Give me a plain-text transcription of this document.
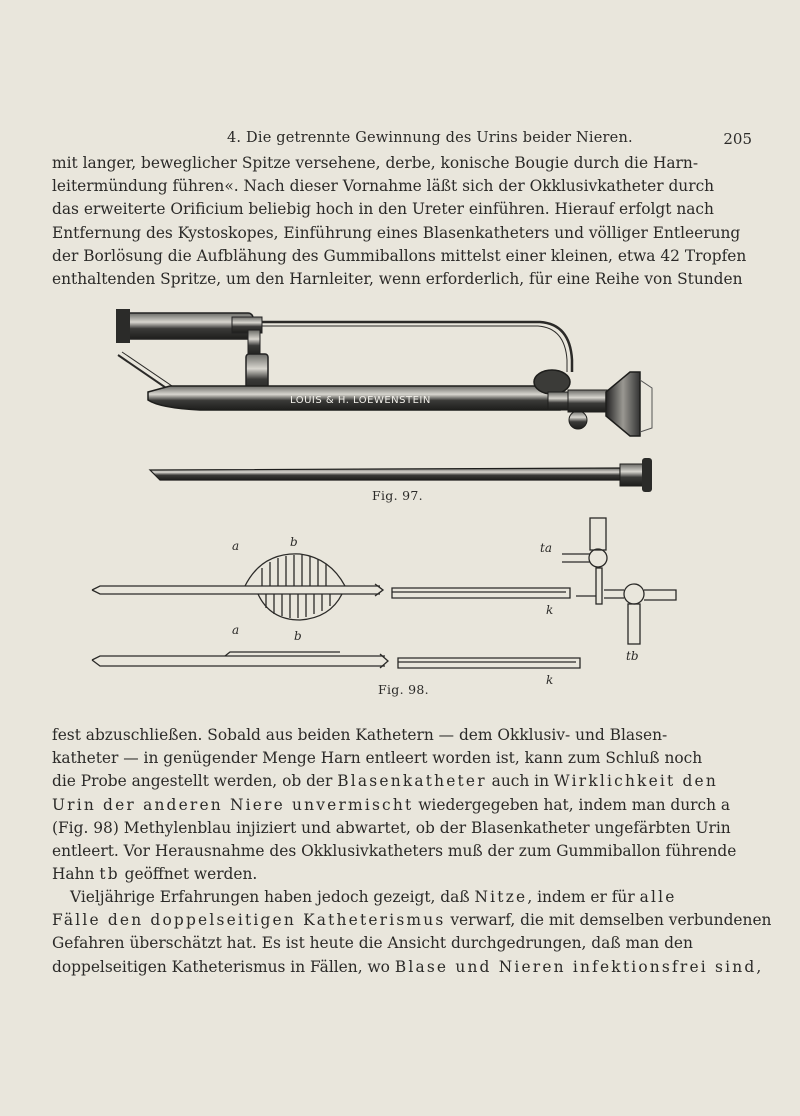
4. Die getrennte Gewinnung des Urins beider Nieren.	205

mit langer, beweglicher Spitze versehene, derbe, konische Bougie durch die Harn-
leitermündung führen«. Nach dieser Vornahme läßt sich der Okklusivkatheter durch
das erweiterte Orificium beliebig hoch in den Ureter einführen. Hierauf erfolgt nach
Entfernung des Kystoskopes, Einführung eines Blasenkatheters und völliger Entleerung
der Borlösung die Aufblähung des Gummiballons mittelst einer kleinen, etwa 42 Tropfen
enthaltenden Spritze, um den Harnleiter, wenn erforderlich, für eine Reihe von Stunden

LOUIS & H. LOEWENSTEIN
Fig. 97.
a	b
a	b
k
k
ta
tb
Fig. 98.

fest abzuschließen. Sobald aus beiden Kathetern — dem Okklusiv- und Blasen-
katheter — in genügender Menge Harn entleert worden ist, kann zum Schluß noch
die Probe angestellt werden, ob der Blasenkatheter auch in Wirklichkeit den
Urin der anderen Niere unvermischt wiedergegeben hat, indem man durch a
(Fig. 98) Methylenblau injiziert und abwartet, ob der Blasenkatheter ungefärbten Urin
entleert. Vor Herausnahme des Okklusivkatheters muß der zum Gummiballon führende
Hahn tb geöffnet werden.

Vieljährige Erfahrungen haben jedoch gezeigt, daß Nitze, indem er für alle
Fälle den doppelseitigen Katheterismus verwarf, die mit demselben verbundenen
Gefahren überschätzt hat. Es ist heute die Ansicht durchgedrungen, daß man den
doppelseitigen Katheterismus in Fällen, wo Blase und Nieren infektionsfrei sind,
